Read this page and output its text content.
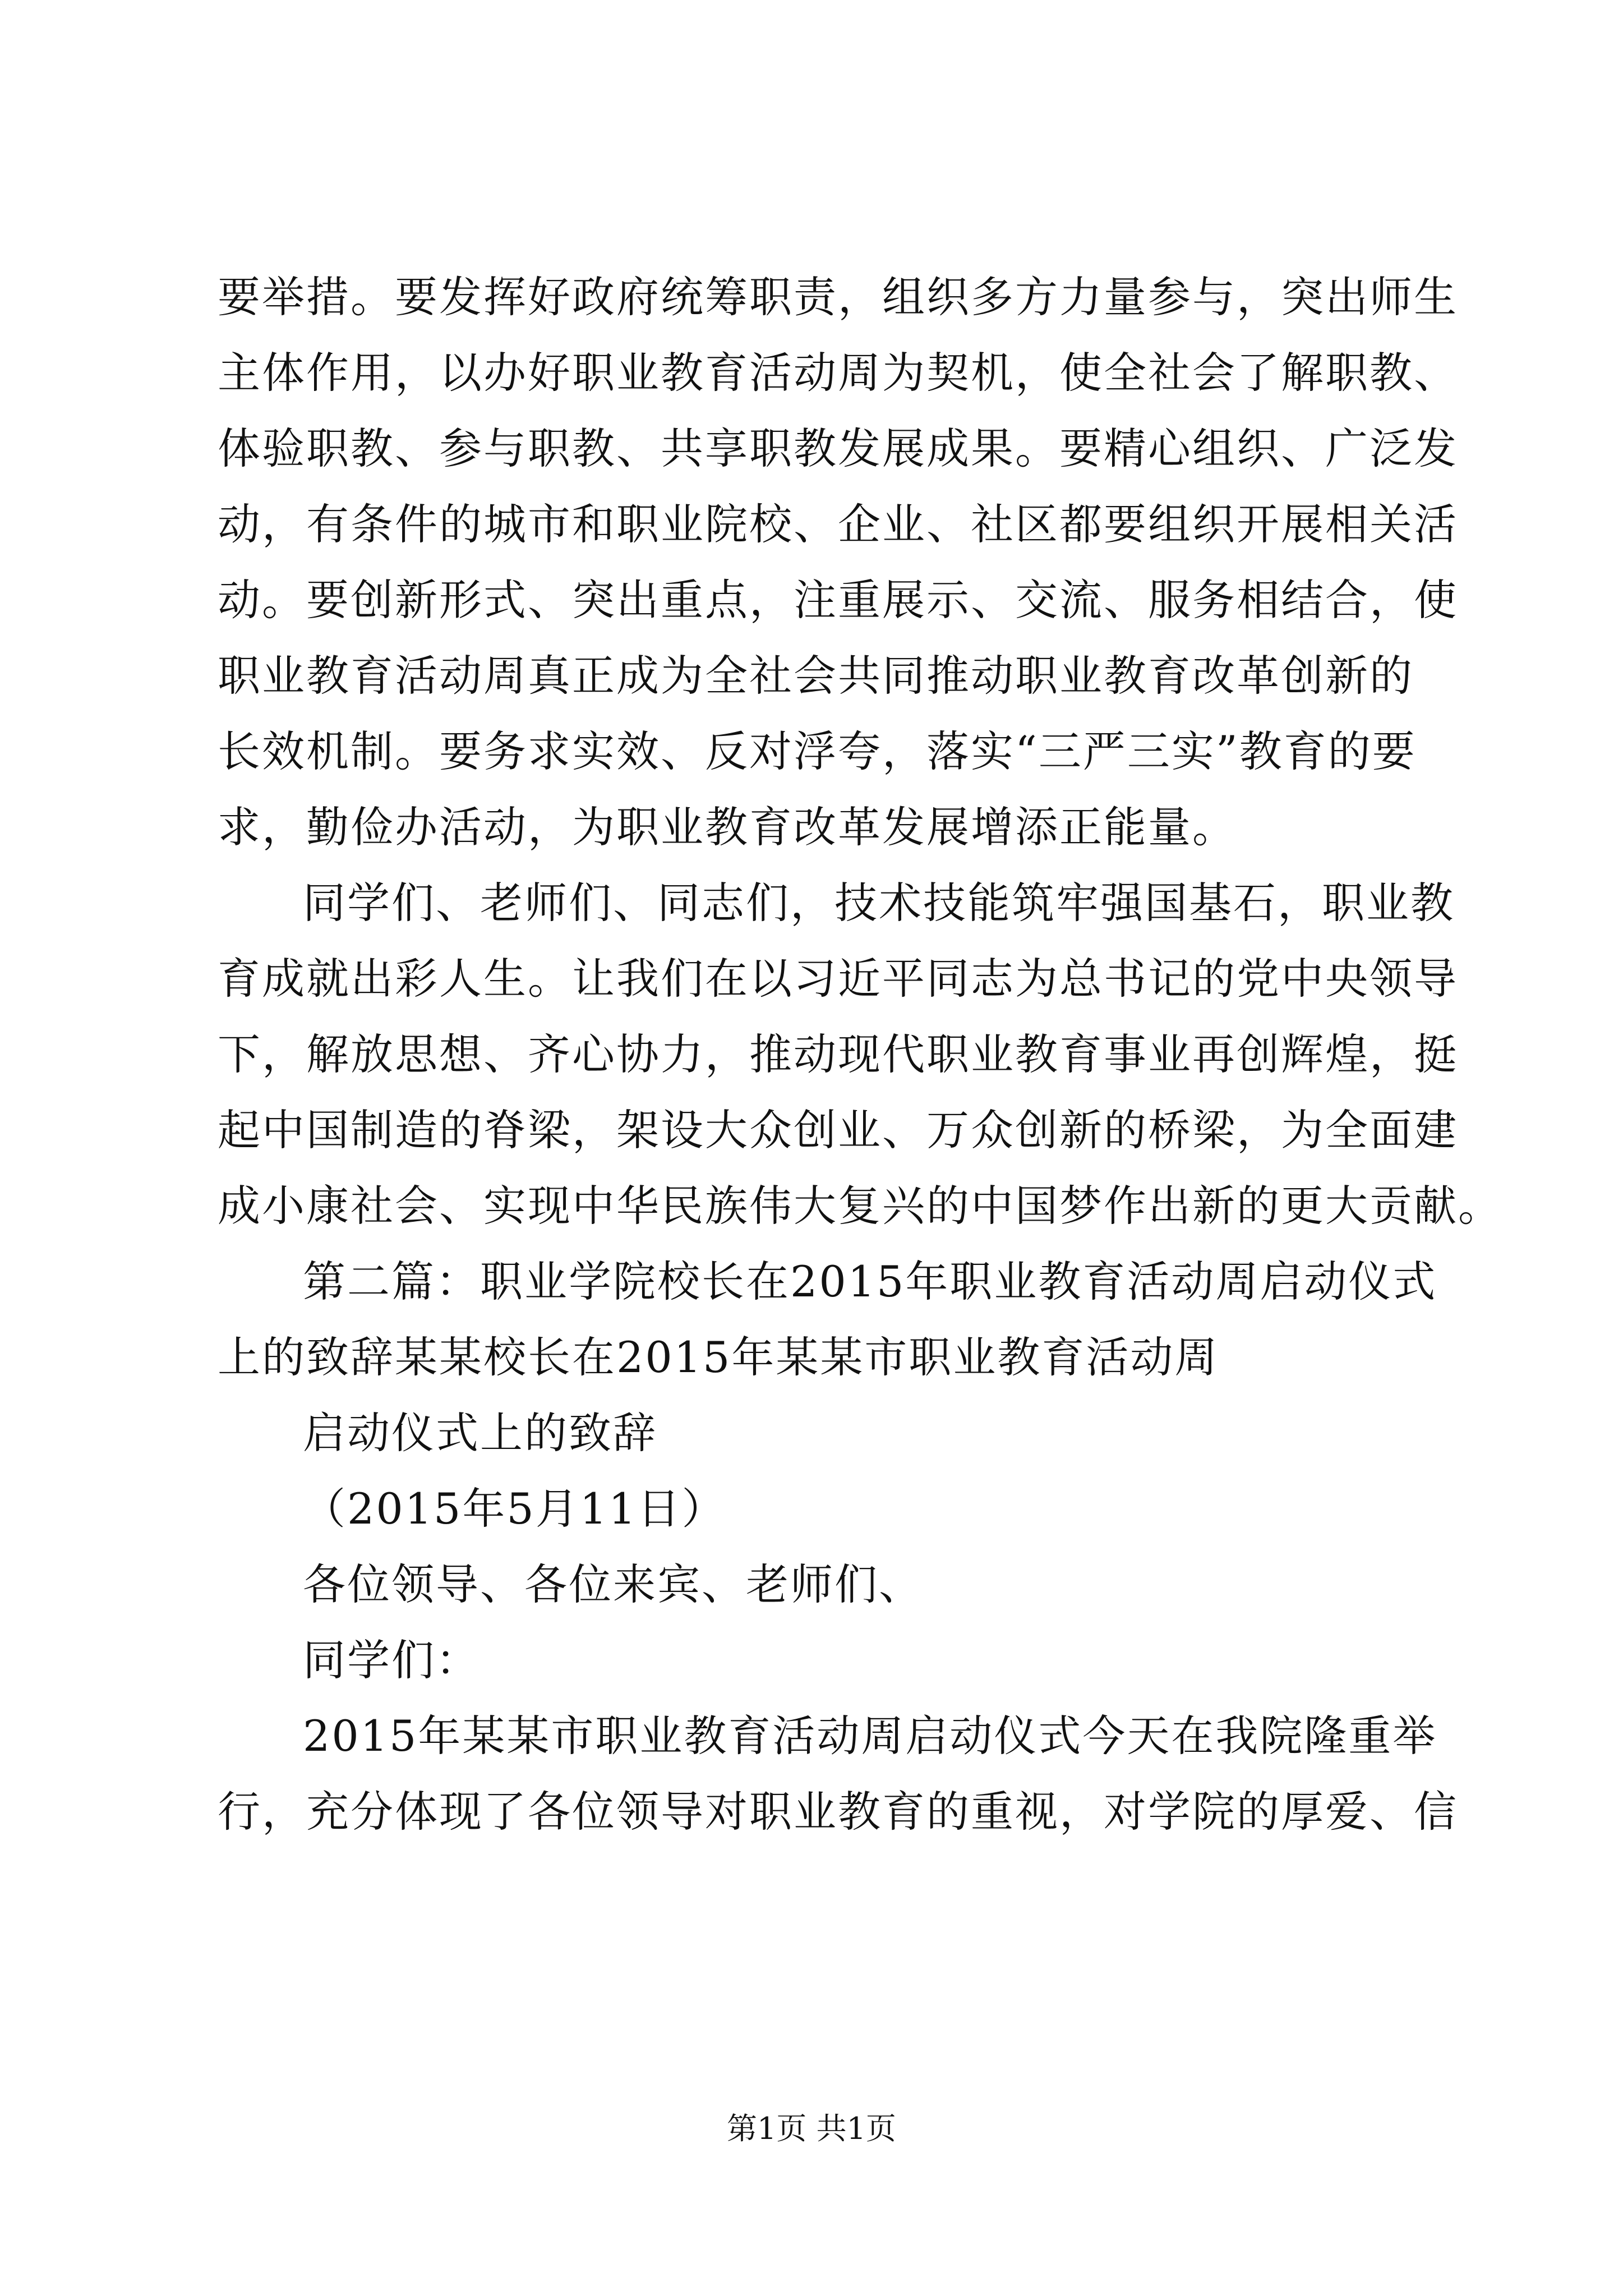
要举措。要发挥好政府统筹职责，组织多方力量参与，突出师生

主体作用，以办好职业教育活动周为契机，使全社会了解职教、

体验职教、参与职教、共享职教发展成果。要精心组织、广泛发

动，有条件的城市和职业院校、企业、社区都要组织开展相关活

动。要创新形式、突出重点，注重展示、交流、服务相结合，使

职业教育活动周真正成为全社会共同推动职业教育改革创新的

长效机制。要务求实效、反对浮夸，落实“三严三实”教育的要

求，勤俭办活动，为职业教育改革发展增添正能量。

同学们、老师们、同志们，技术技能筑牢强国基石，职业教

育成就出彩人生。让我们在以习近平同志为总书记的党中央领导

下，解放思想、齐心协力，推动现代职业教育事业再创辉煌，挺

起中国制造的脊梁，架设大众创业、万众创新的桥梁，为全面建

成小康社会、实现中华民族伟大复兴的中国梦作出新的更大贡献。

第二篇：职业学院校长在2015年职业教育活动周启动仪式

上的致辞某某校长在2015年某某市职业教育活动周

启动仪式上的致辞

（2015年5月11日）

各位领导、各位来宾、老师们、

同学们：

2015年某某市职业教育活动周启动仪式今天在我院隆重举

行，充分体现了各位领导对职业教育的重视，对学院的厚爱、信

第1页 共1页
